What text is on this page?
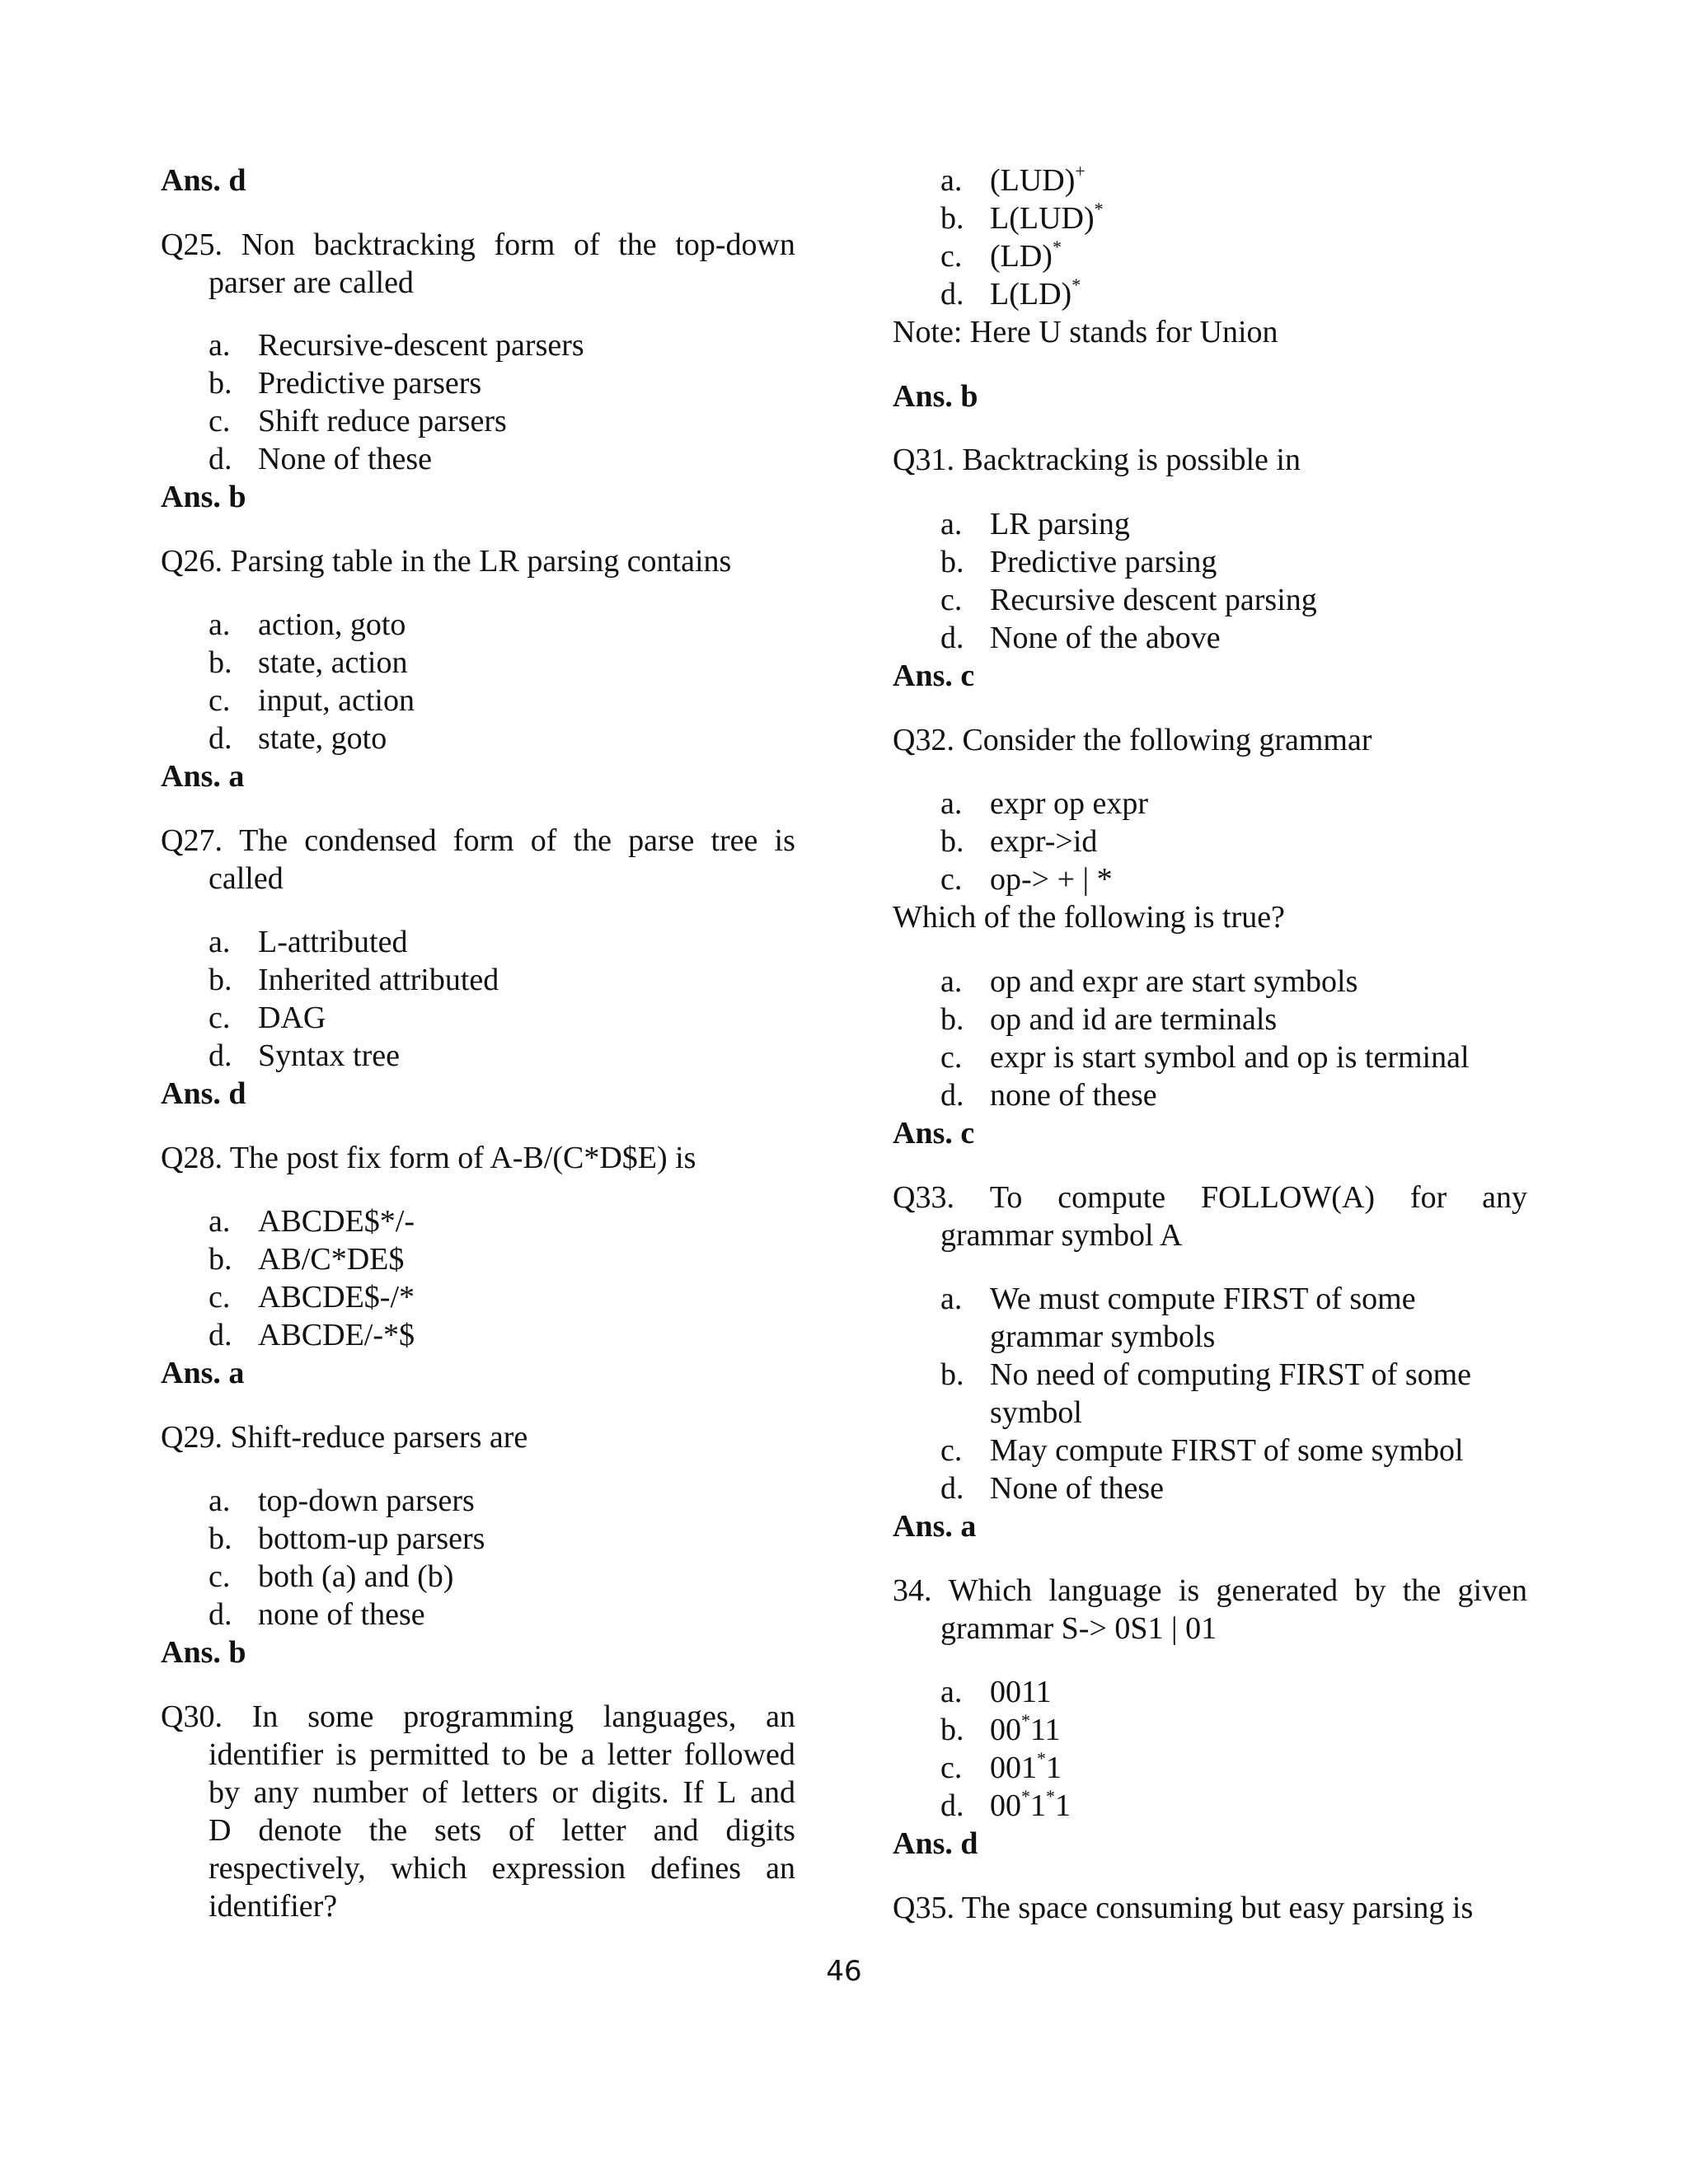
Ans. d
Q25. Non backtracking form of the top-down
parser are called
a. Recursive-descent parsers
b. Predictive parsers
c. Shift reduce parsers
d. None of these
Ans. b
Q26. Parsing table in the LR parsing contains
a. action, goto
b. state, action
c. input, action
d. state, goto
Ans. a
Q27. The condensed form of the parse tree is
called
a. L-attributed
b. Inherited attributed
c. DAG
d. Syntax tree
Ans. d
Q28. The post fix form of A-B/(C*D$E) is
a. ABCDE$*/-
b. AB/C*DE$
c. ABCDE$-/*
d. ABCDE/-*$
Ans. a
Q29. Shift-reduce parsers are
a. top-down parsers
b. bottom-up parsers
c. both (a) and (b)
d. none of these
Ans. b
Q30. In some programming languages, an
identifier is permitted to be a letter followed
by any number of letters or digits. If L and
D denote the sets of letter and digits
respectively, which expression defines an
identifier?
a. (LUD)+
b. L(LUD)*
c. (LD)*
d. L(LD)*
Note: Here U stands for Union
Ans. b
Q31. Backtracking is possible in
a. LR parsing
b. Predictive parsing
c. Recursive descent parsing
d. None of the above
Ans. c
Q32. Consider the following grammar
a. expr op expr
b. expr->id
c. op-> + | *
Which of the following is true?
a. op and expr are start symbols
b. op and id are terminals
c. expr is start symbol and op is terminal
d. none of these
Ans. c
Q33. To compute FOLLOW(A) for any
grammar symbol A
a. We must compute FIRST of some
grammar symbols
b. No need of computing FIRST of some
symbol
c. May compute FIRST of some symbol
d. None of these
Ans. a
34. Which language is generated by the given
grammar S-> 0S1 | 01
a. 0011
b. 00*11
c. 001*1
d. 00*1*1
Ans. d
Q35. The space consuming but easy parsing is
46
